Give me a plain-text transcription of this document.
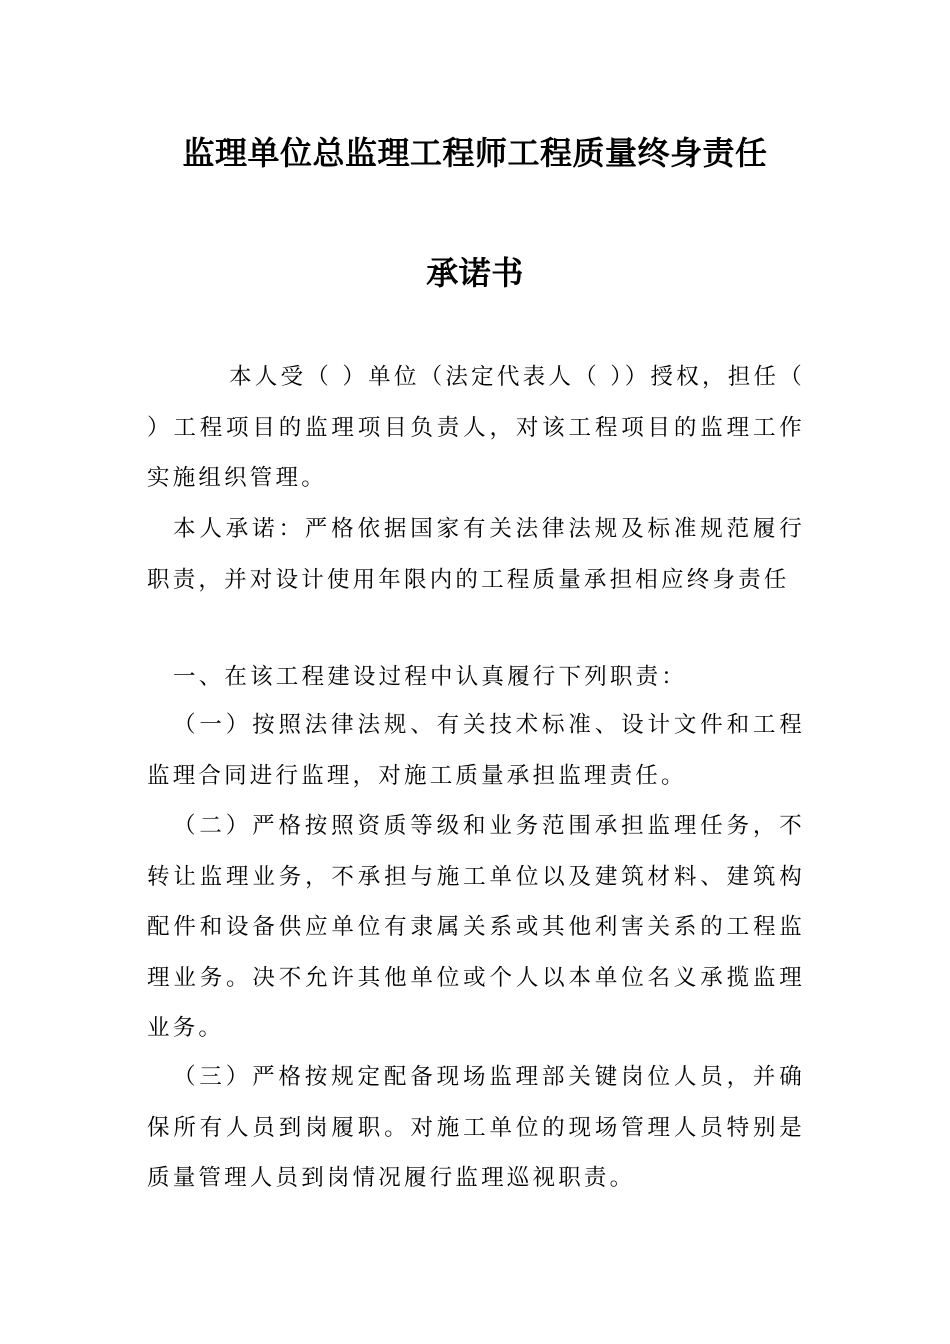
监理单位总监理工程师工程质量终身责任
承诺书
本人受（ ）单位（法定代表人（ ））授权，担任（ ）工程项目的监理项目负责人，对该工程项目的监理工作实施组织管理。
本人承诺：严格依据国家有关法律法规及标准规范履行职责，并对设计使用年限内的工程质量承担相应终身责任
一、在该工程建设过程中认真履行下列职责：
（一）按照法律法规、有关技术标准、设计文件和工程监理合同进行监理，对施工质量承担监理责任。
（二）严格按照资质等级和业务范围承担监理任务，不转让监理业务，不承担与施工单位以及建筑材料、建筑构配件和设备供应单位有隶属关系或其他利害关系的工程监理业务。决不允许其他单位或个人以本单位名义承揽监理业务。
（三）严格按规定配备现场监理部关键岗位人员，并确保所有人员到岗履职。对施工单位的现场管理人员特别是质量管理人员到岗情况履行监理巡视职责。
